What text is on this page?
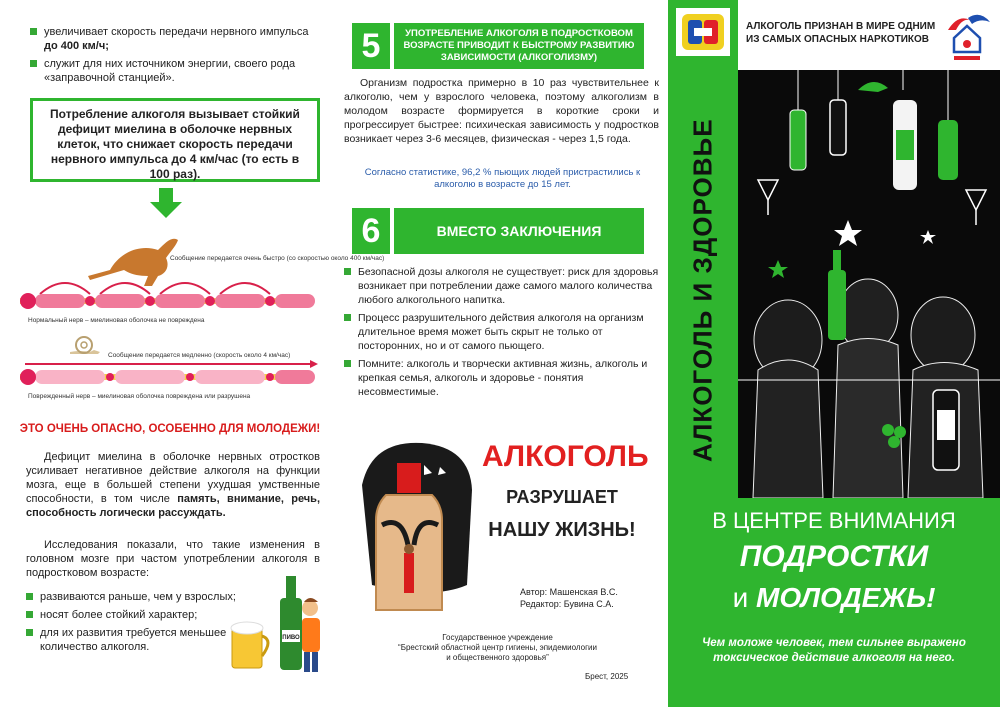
увеличивает скорость передачи нервного импульса до 400 км/ч;
служит для них источником энергии, своего рода «заправочной станцией».
Потребление алкоголя вызывает стойкий дефицит миелина в оболочке нервных клеток, что снижает скорость передачи нервного импульса до 4 км/час (то есть в 100 раз).
Сообщение передается очень быстро (со скоростью около 400 км/час)
Нормальный нерв – миелиновая оболочка не повреждена
Сообщение передается медленно (скорость около 4 км/час)
Поврежденный нерв – миелиновая оболочка повреждена или разрушена
ЭТО ОЧЕНЬ ОПАСНО, ОСОБЕННО ДЛЯ МОЛОДЕЖИ!

Дефицит миелина в оболочке нервных отростков усиливает негативное действие алкоголя на функции мозга, еще в большей степени ухудшая умственные способности, в том числе память, внимание, речь, способность логически рассуждать.

Исследования показали, что такие изменения в головном мозге при частом употреблении алкоголя в подростковом возрасте:

развиваются раньше, чем у взрослых;
носят более стойкий характер;
для их развития требуется меньшее количество алкоголя.
ПИВО
5	УПОТРЕБЛЕНИЕ АЛКОГОЛЯ В ПОДРОСТКОВОМ ВОЗРАСТЕ ПРИВОДИТ К БЫСТРОМУ РАЗВИТИЮ ЗАВИСИМОСТИ (АЛКОГОЛИЗМУ)

Организм подростка примерно в 10 раз чувствительнее к алкоголю, чем у взрослого человека, поэтому алкоголизм в молодом возрасте формируется в короткие сроки и прогрессирует быстрее: психическая зависимость у подростков возникает через 3-6 месяцев, физическая - через 1,5 года.

Согласно статистике, 96,2 % пьющих людей пристрастились к алкоголю в возрасте до 15 лет.

6	ВМЕСТО ЗАКЛЮЧЕНИЯ
Безопасной дозы алкоголя не существует: риск для здоровья возникает при потреблении даже самого малого количества любого алкогольного напитка.
Процесс разрушительного действия алкоголя на организм длительное время может быть скрыт не только от посторонних, но и от самого пьющего.
Помните: алкоголь и творчески активная жизнь, алкоголь и крепкая семья, алкоголь и здоровье - понятия несовместимые.
АЛКОГОЛЬ
РАЗРУШАЕТ
НАШУ ЖИЗНЬ!
Автор: Машенская В.С.
Редактор: Бувина С.А.
Государственное учреждение
“Брестский областной центр гигиены, эпидемиологии
и общественного здоровья”
Брест, 2025
АЛКОГОЛЬ И ЗДОРОВЬЕ
АЛКОГОЛЬ ПРИЗНАН В МИРЕ ОДНИМ ИЗ САМЫХ ОПАСНЫХ НАРКОТИКОВ
В ЦЕНТРЕ ВНИМАНИЯ
ПОДРОСТКИ
и МОЛОДЕЖЬ!
Чем моложе человек, тем сильнее выражено токсическое действие алкоголя на него.
